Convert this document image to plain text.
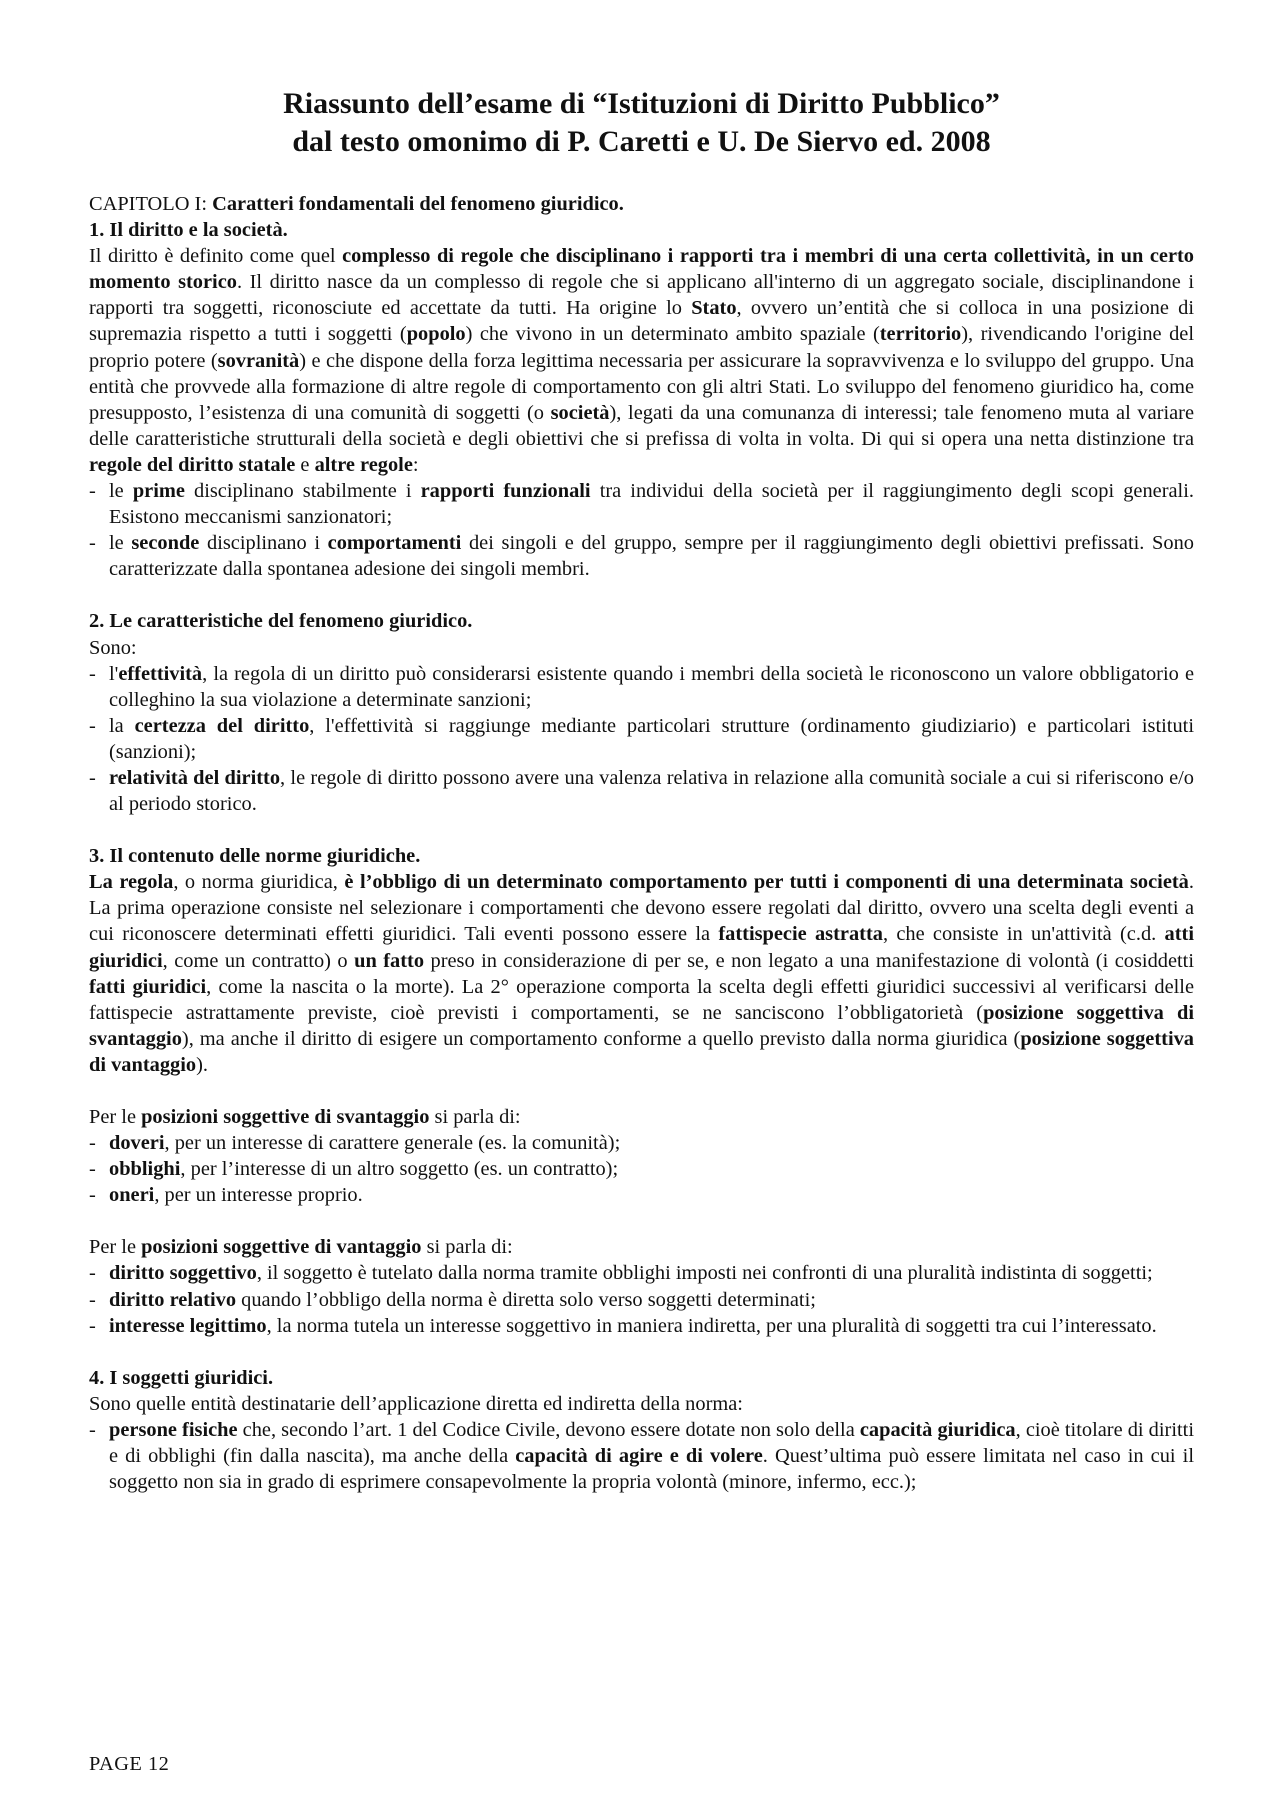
Riassunto dell’esame di “Istituzioni di Diritto Pubblico”
dal testo omonimo di P. Caretti e U. De Siervo ed. 2008
CAPITOLO I: Caratteri fondamentali del fenomeno giuridico.
1. Il diritto e la società.

Il diritto è definito come quel complesso di regole che disciplinano i rapporti tra i membri di una certa collettività, in un certo momento storico. Il diritto nasce da un complesso di regole che si applicano all'interno di un aggregato sociale, disciplinandone i rapporti tra soggetti, riconosciute ed accettate da tutti. Ha origine lo Stato, ovvero un’entità che si colloca in una posizione di supremazia rispetto a tutti i soggetti (popolo) che vivono in un determinato ambito spaziale (territorio), rivendicando l'origine del proprio potere (sovranità) e che dispone della forza legittima necessaria per assicurare la sopravvivenza e lo sviluppo del gruppo. Una entità che provvede alla formazione di altre regole di comportamento con gli altri Stati. Lo sviluppo del fenomeno giuridico ha, come presupposto, l’esistenza di una comunità di soggetti (o società), legati da una comunanza di interessi; tale fenomeno muta al variare delle caratteristiche strutturali della società e degli obiettivi che si prefissa di volta in volta. Di qui si opera una netta distinzione tra regole del diritto statale e altre regole:

- le prime disciplinano stabilmente i rapporti funzionali tra individui della società per il raggiungimento degli scopi generali. Esistono meccanismi sanzionatori;
- le seconde disciplinano i comportamenti dei singoli e del gruppo, sempre per il raggiungimento degli obiettivi prefissati. Sono caratterizzate dalla spontanea adesione dei singoli membri.
2. Le caratteristiche del fenomeno giuridico.
Sono:
- l'effettività, la regola di un diritto può considerarsi esistente quando i membri della società le riconoscono un valore obbligatorio e colleghino la sua violazione a determinate sanzioni;
- la certezza del diritto, l'effettività si raggiunge mediante particolari strutture (ordinamento giudiziario) e particolari istituti (sanzioni);
- relatività del diritto, le regole di diritto possono avere una valenza relativa in relazione alla comunità sociale a cui si riferiscono e/o al periodo storico.
3. Il contenuto delle norme giuridiche.

La regola, o norma giuridica, è l’obbligo di un determinato comportamento per tutti i componenti di una determinata società. La prima operazione consiste nel selezionare i comportamenti che devono essere regolati dal diritto, ovvero una scelta degli eventi a cui riconoscere determinati effetti giuridici. Tali eventi possono essere la fattispecie astratta, che consiste in un'attività (c.d. atti giuridici, come un contratto) o un fatto preso in considerazione di per se, e non legato a una manifestazione di volontà (i cosiddetti fatti giuridici, come la nascita o la morte). La 2° operazione comporta la scelta degli effetti giuridici successivi al verificarsi delle fattispecie astrattamente previste, cioè previsti i comportamenti, se ne sanciscono l’obbligatorietà (posizione soggettiva di svantaggio), ma anche il diritto di esigere un comportamento conforme a quello previsto dalla norma giuridica (posizione soggettiva di vantaggio).

Per le posizioni soggettive di svantaggio si parla di:
- doveri, per un interesse di carattere generale (es. la comunità);
- obblighi, per l’interesse di un altro soggetto (es. un contratto);
- oneri, per un interesse proprio.
Per le posizioni soggettive di vantaggio si parla di:
- diritto soggettivo, il soggetto è tutelato dalla norma tramite obblighi imposti nei confronti di una pluralità indistinta di soggetti;
- diritto relativo quando l’obbligo della norma è diretta solo verso soggetti determinati;
- interesse legittimo, la norma tutela un interesse soggettivo in maniera indiretta, per una pluralità di soggetti tra cui l’interessato.
4. I soggetti giuridici.
Sono quelle entità destinatarie dell’applicazione diretta ed indiretta della norma:
- persone fisiche che, secondo l’art. 1 del Codice Civile, devono essere dotate non solo della capacità giuridica, cioè titolare di diritti e di obblighi (fin dalla nascita), ma anche della capacità di agire e di volere. Quest’ultima può essere limitata nel caso in cui il soggetto non sia in grado di esprimere consapevolmente la propria volontà (minore, infermo, ecc.);
PAGE 12
